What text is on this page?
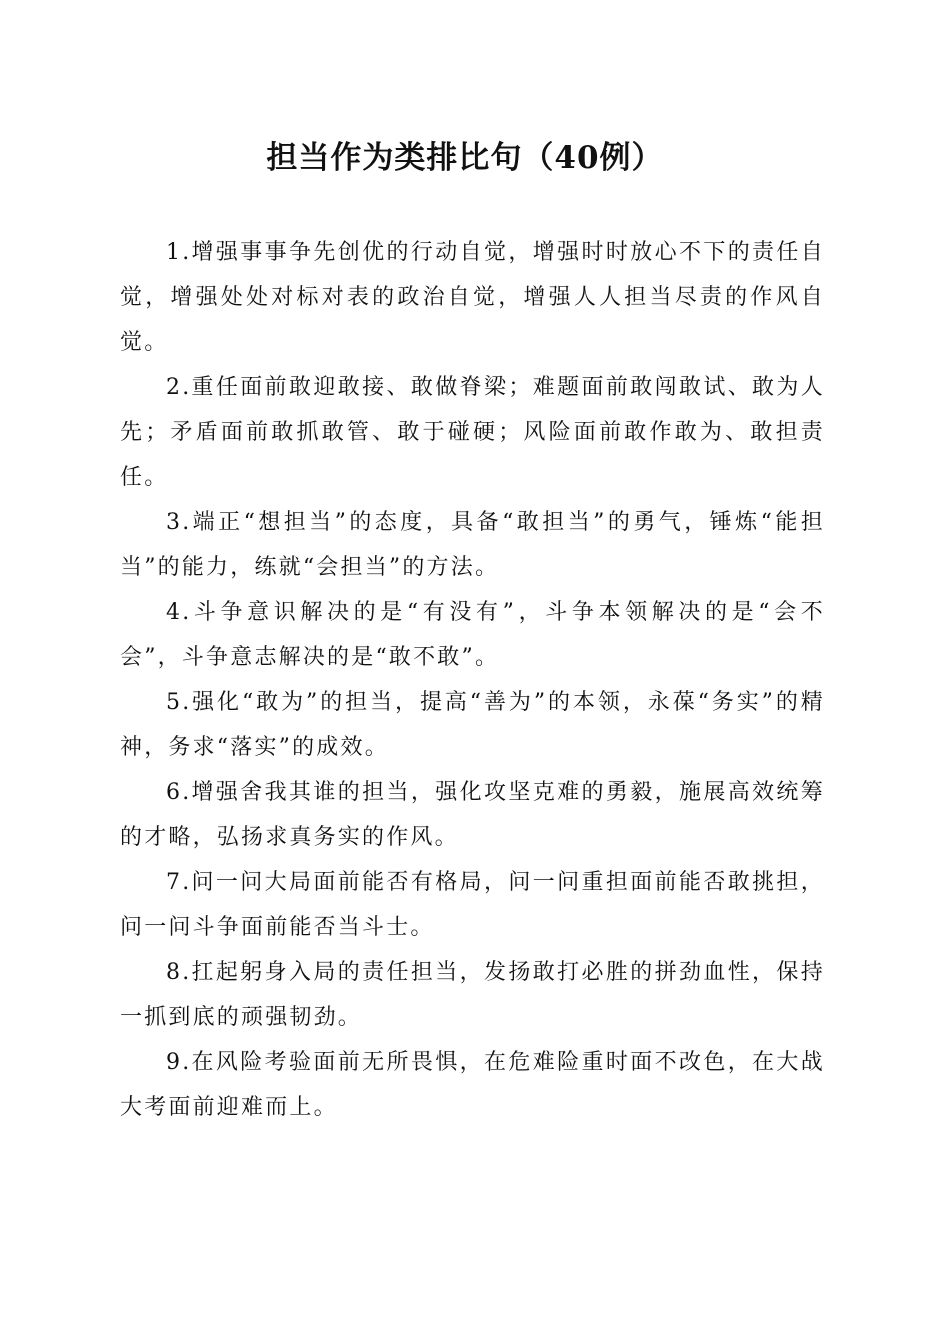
担当作为类排比句（40例）

1.增强事事争先创优的行动自觉，增强时时放心不下的责任自觉，增强处处对标对表的政治自觉，增强人人担当尽责的作风自觉。

2.重任面前敢迎敢接、敢做脊梁；难题面前敢闯敢试、敢为人先；矛盾面前敢抓敢管、敢于碰硬；风险面前敢作敢为、敢担责任。

3.端正“想担当”的态度，具备“敢担当”的勇气，锤炼“能担当”的能力，练就“会担当”的方法。

4.斗争意识解决的是“有没有”，斗争本领解决的是“会不会”，斗争意志解决的是“敢不敢”。

5.强化“敢为”的担当，提高“善为”的本领，永葆“务实”的精神，务求“落实”的成效。

6.增强舍我其谁的担当，强化攻坚克难的勇毅，施展高效统筹的才略，弘扬求真务实的作风。

7.问一问大局面前能否有格局，问一问重担面前能否敢挑担，问一问斗争面前能否当斗士。

8.扛起躬身入局的责任担当，发扬敢打必胜的拼劲血性，保持一抓到底的顽强韧劲。

9.在风险考验面前无所畏惧，在危难险重时面不改色，在大战大考面前迎难而上。
